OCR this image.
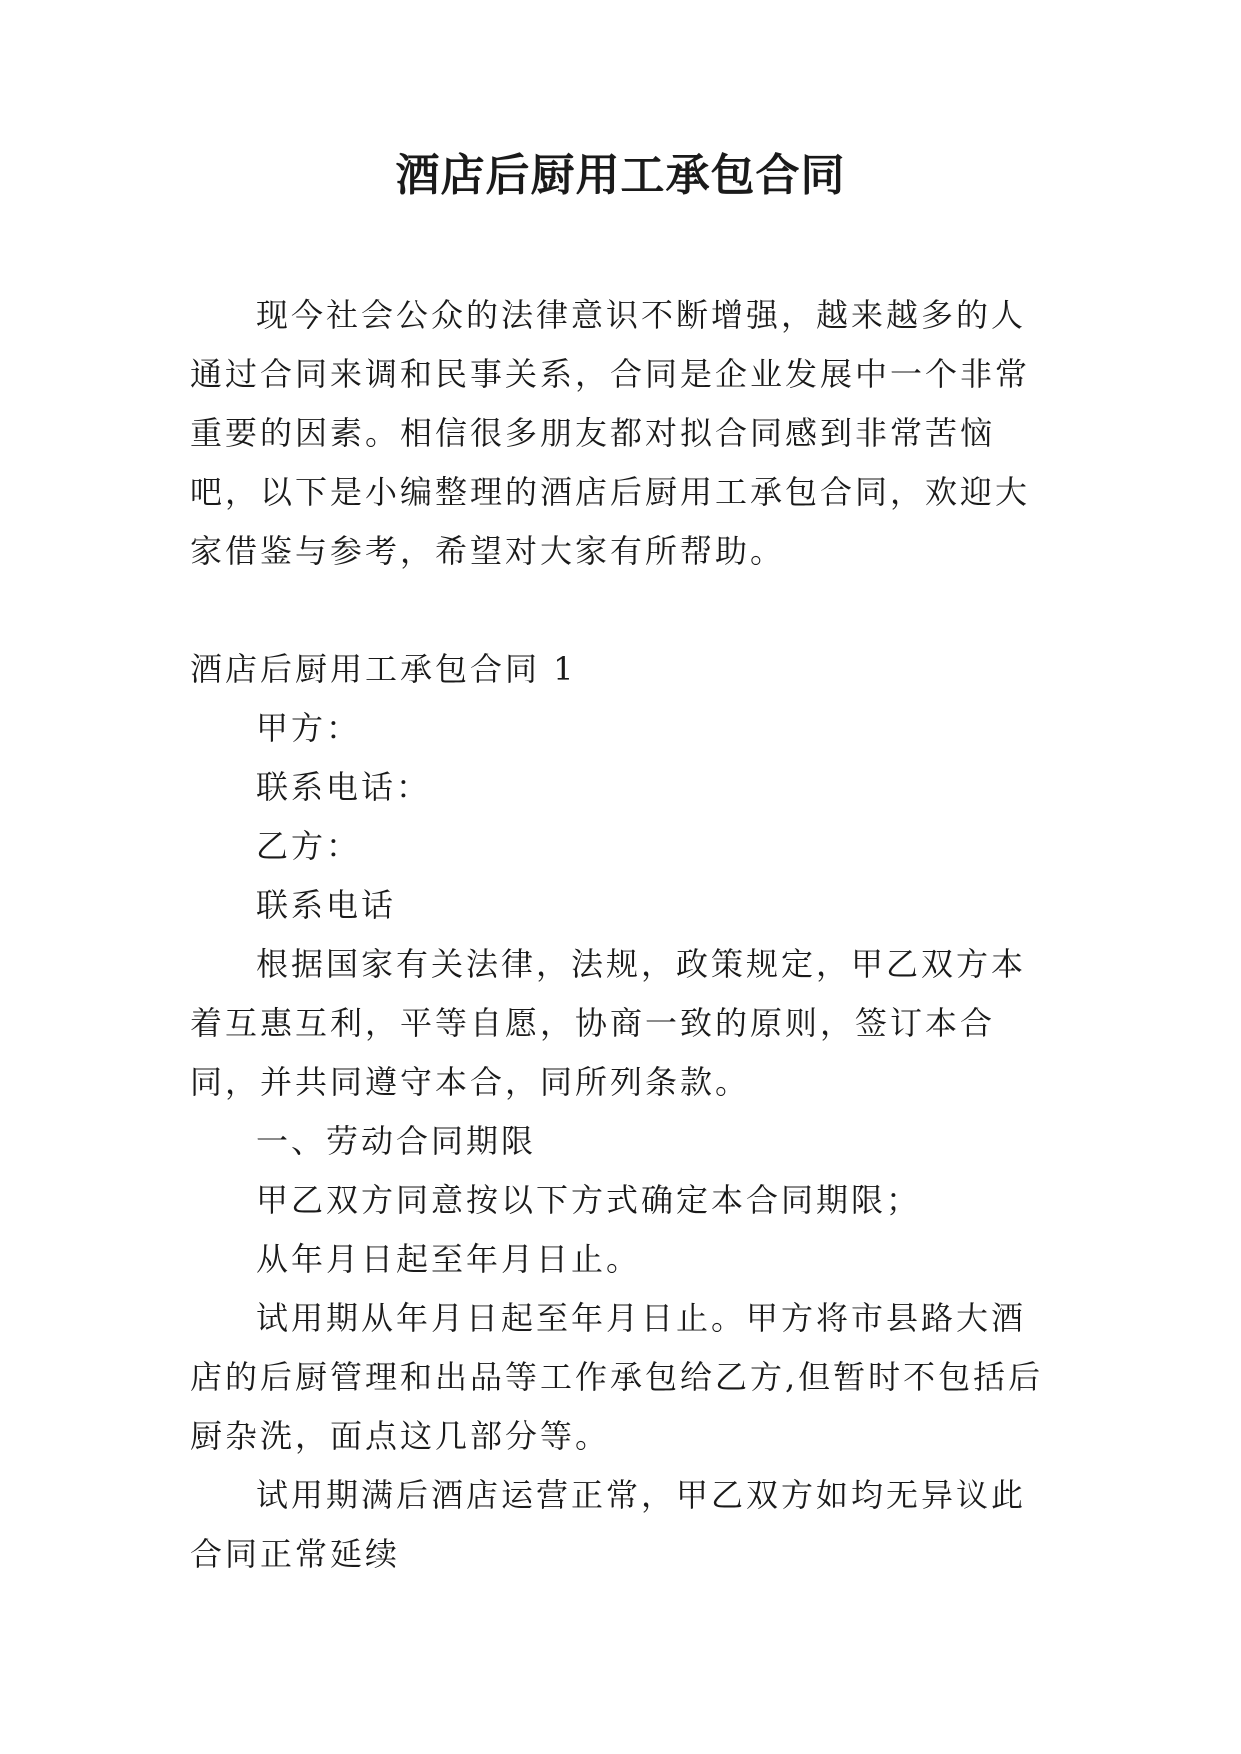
酒店后厨用工承包合同

现今社会公众的法律意识不断增强，越来越多的人通过合同来调和民事关系，合同是企业发展中一个非常重要的因素。相信很多朋友都对拟合同感到非常苦恼吧，以下是小编整理的酒店后厨用工承包合同，欢迎大家借鉴与参考，希望对大家有所帮助。

酒店后厨用工承包合同 1

甲方：

联系电话：

乙方：

联系电话

根据国家有关法律，法规，政策规定，甲乙双方本着互惠互利，平等自愿，协商一致的原则，签订本合同，并共同遵守本合，同所列条款。

一、劳动合同期限

甲乙双方同意按以下方式确定本合同期限；

从年月日起至年月日止。

试用期从年月日起至年月日止。甲方将市县路大酒店的后厨管理和出品等工作承包给乙方,但暂时不包括后厨杂洗，面点这几部分等。

试用期满后酒店运营正常，甲乙双方如均无异议此合同正常延续
